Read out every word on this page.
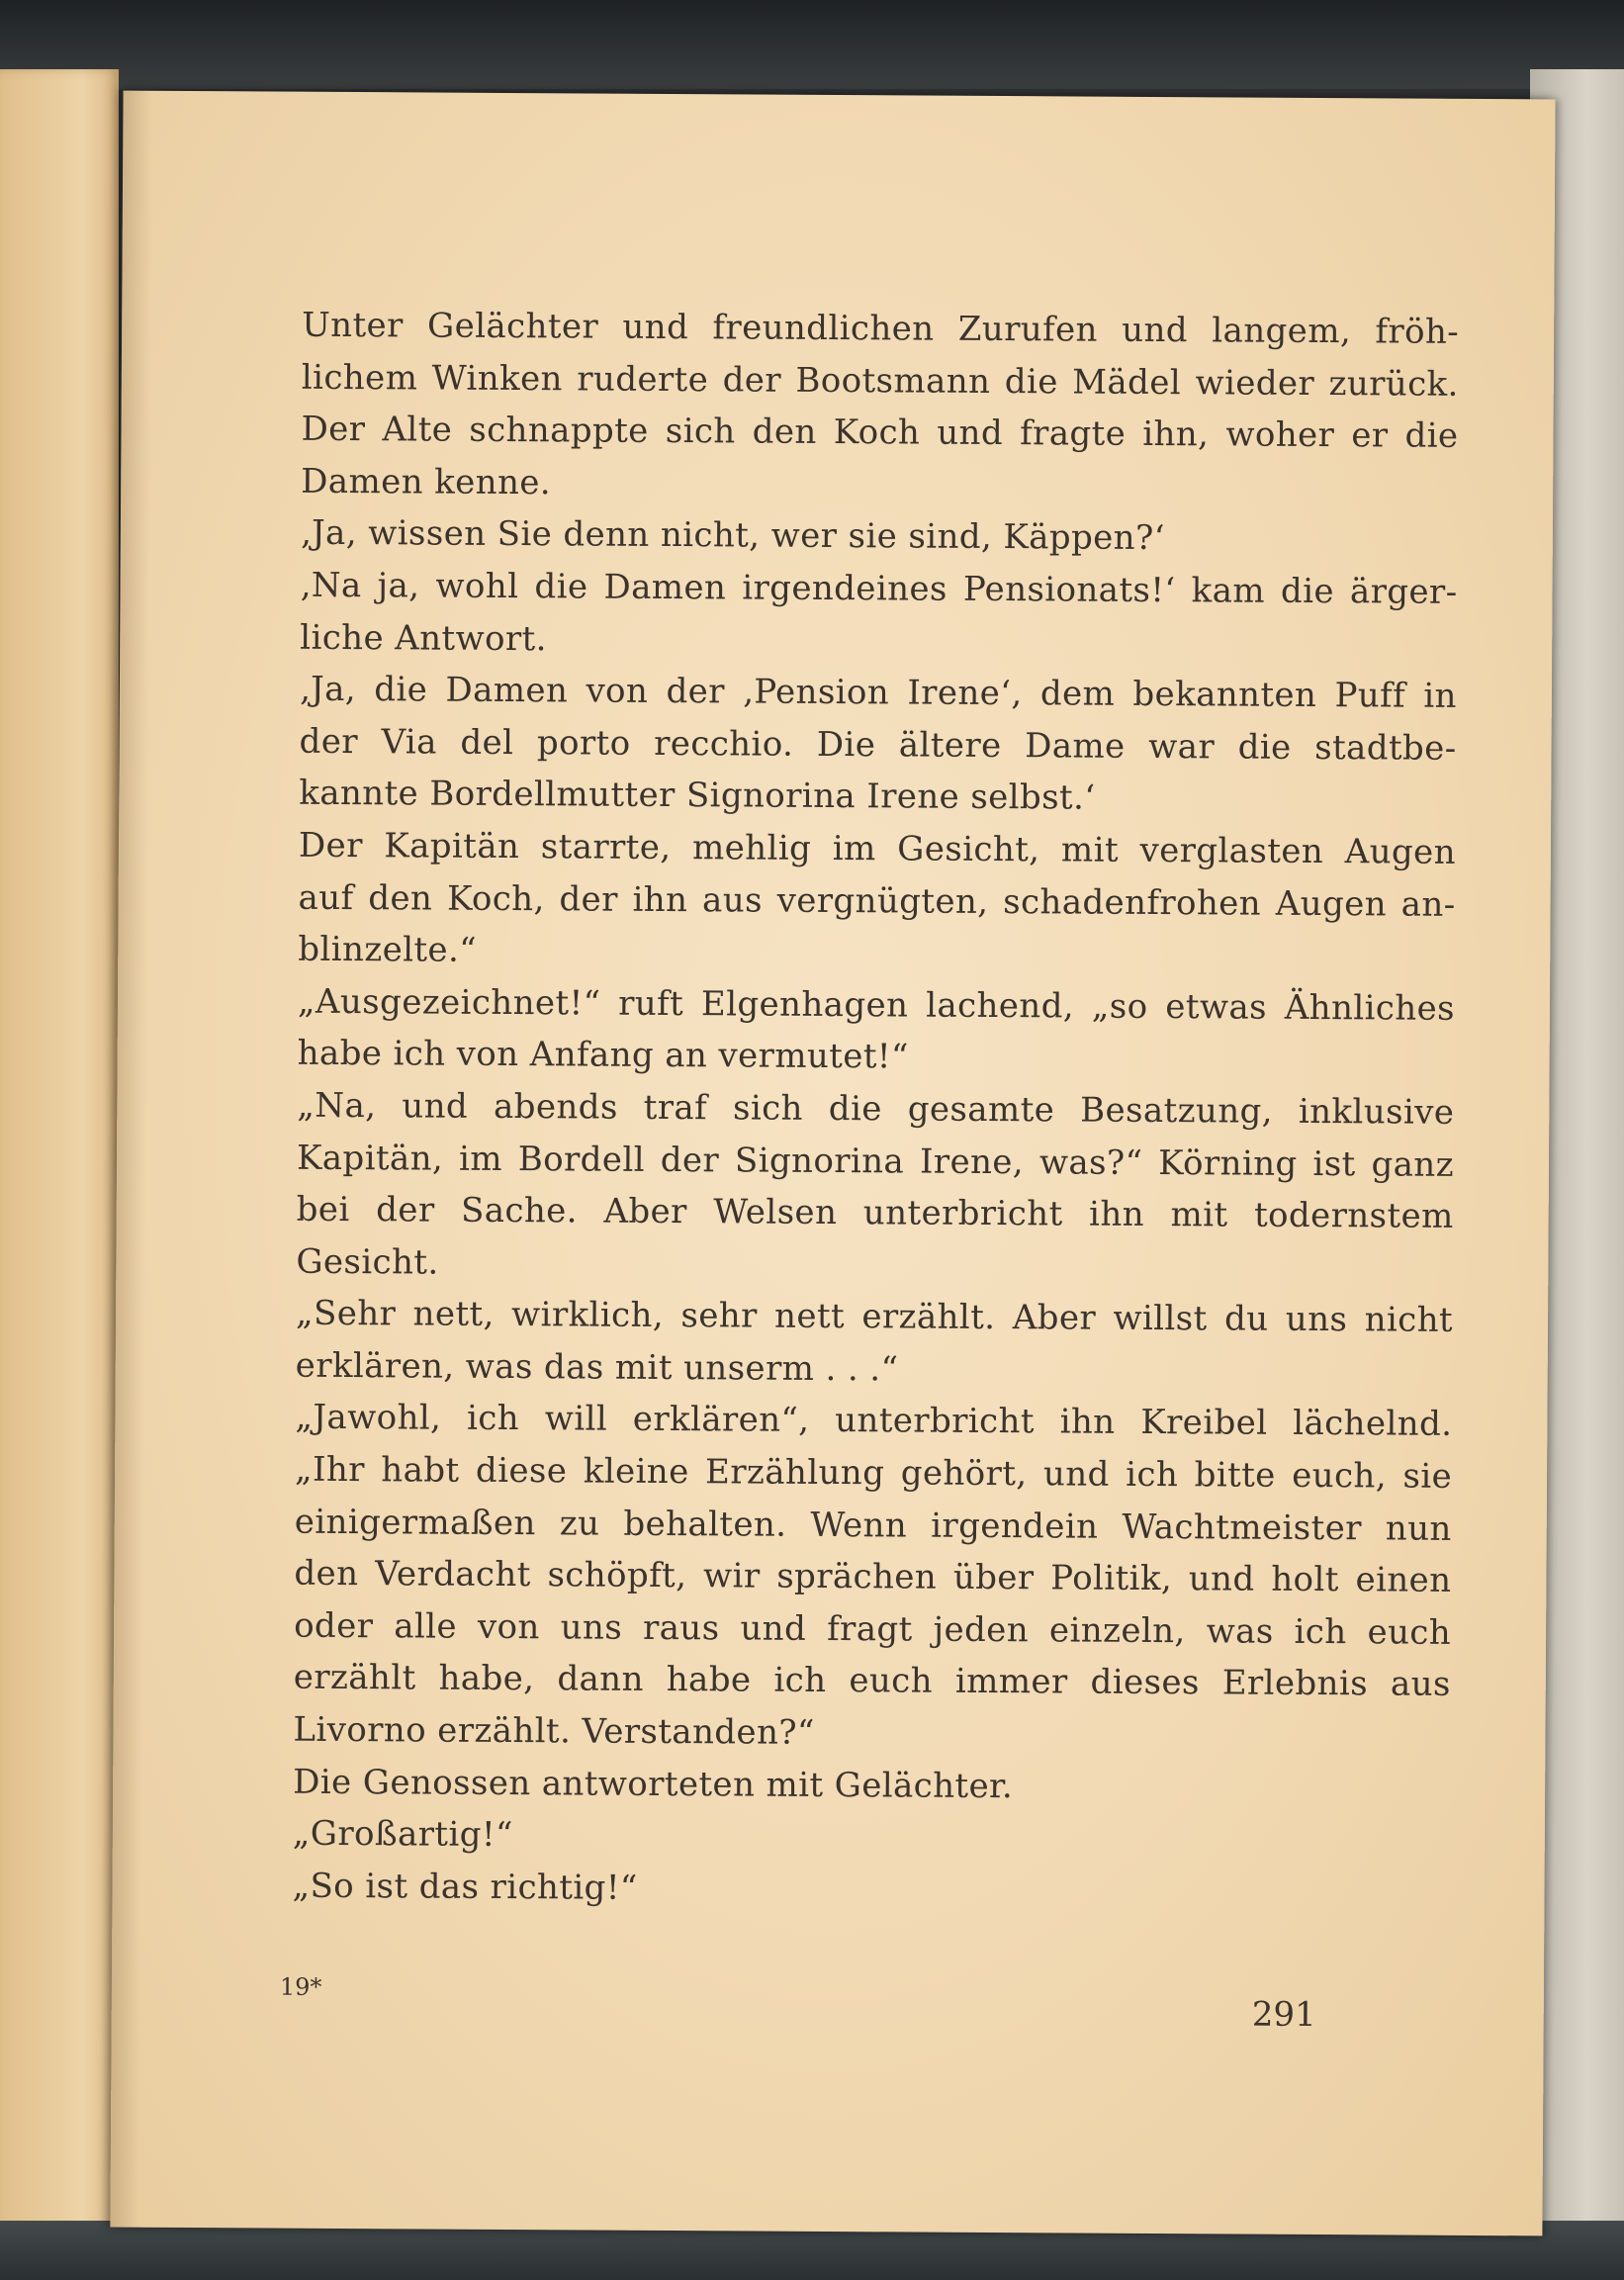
Unter Gelächter und freundlichen Zurufen und langem, fröh-
lichem Winken ruderte der Bootsmann die Mädel wieder zurück.
Der Alte schnappte sich den Koch und fragte ihn, woher er die
Damen kenne.
‚Ja, wissen Sie denn nicht, wer sie sind, Käppen?‘
‚Na ja, wohl die Damen irgendeines Pensionats!‘ kam die ärger-
liche Antwort.
‚Ja, die Damen von der ‚Pension Irene‘, dem bekannten Puff in
der Via del porto recchio. Die ältere Dame war die stadtbe-
kannte Bordellmutter Signorina Irene selbst.‘
Der Kapitän starrte, mehlig im Gesicht, mit verglasten Augen
auf den Koch, der ihn aus vergnügten, schadenfrohen Augen an-
blinzelte.“
„Ausgezeichnet!“ ruft Elgenhagen lachend, „so etwas Ähnliches
habe ich von Anfang an vermutet!“
„Na, und abends traf sich die gesamte Besatzung, inklusive
Kapitän, im Bordell der Signorina Irene, was?“ Körning ist ganz
bei der Sache. Aber Welsen unterbricht ihn mit todernstem
Gesicht.
„Sehr nett, wirklich, sehr nett erzählt. Aber willst du uns nicht
erklären, was das mit unserm . . .“
„Jawohl, ich will erklären“, unterbricht ihn Kreibel lächelnd.
„Ihr habt diese kleine Erzählung gehört, und ich bitte euch, sie
einigermaßen zu behalten. Wenn irgendein Wachtmeister nun
den Verdacht schöpft, wir sprächen über Politik, und holt einen
oder alle von uns raus und fragt jeden einzeln, was ich euch
erzählt habe, dann habe ich euch immer dieses Erlebnis aus
Livorno erzählt. Verstanden?“
Die Genossen antworteten mit Gelächter.
„Großartig!“
„So ist das richtig!“
19*
291
